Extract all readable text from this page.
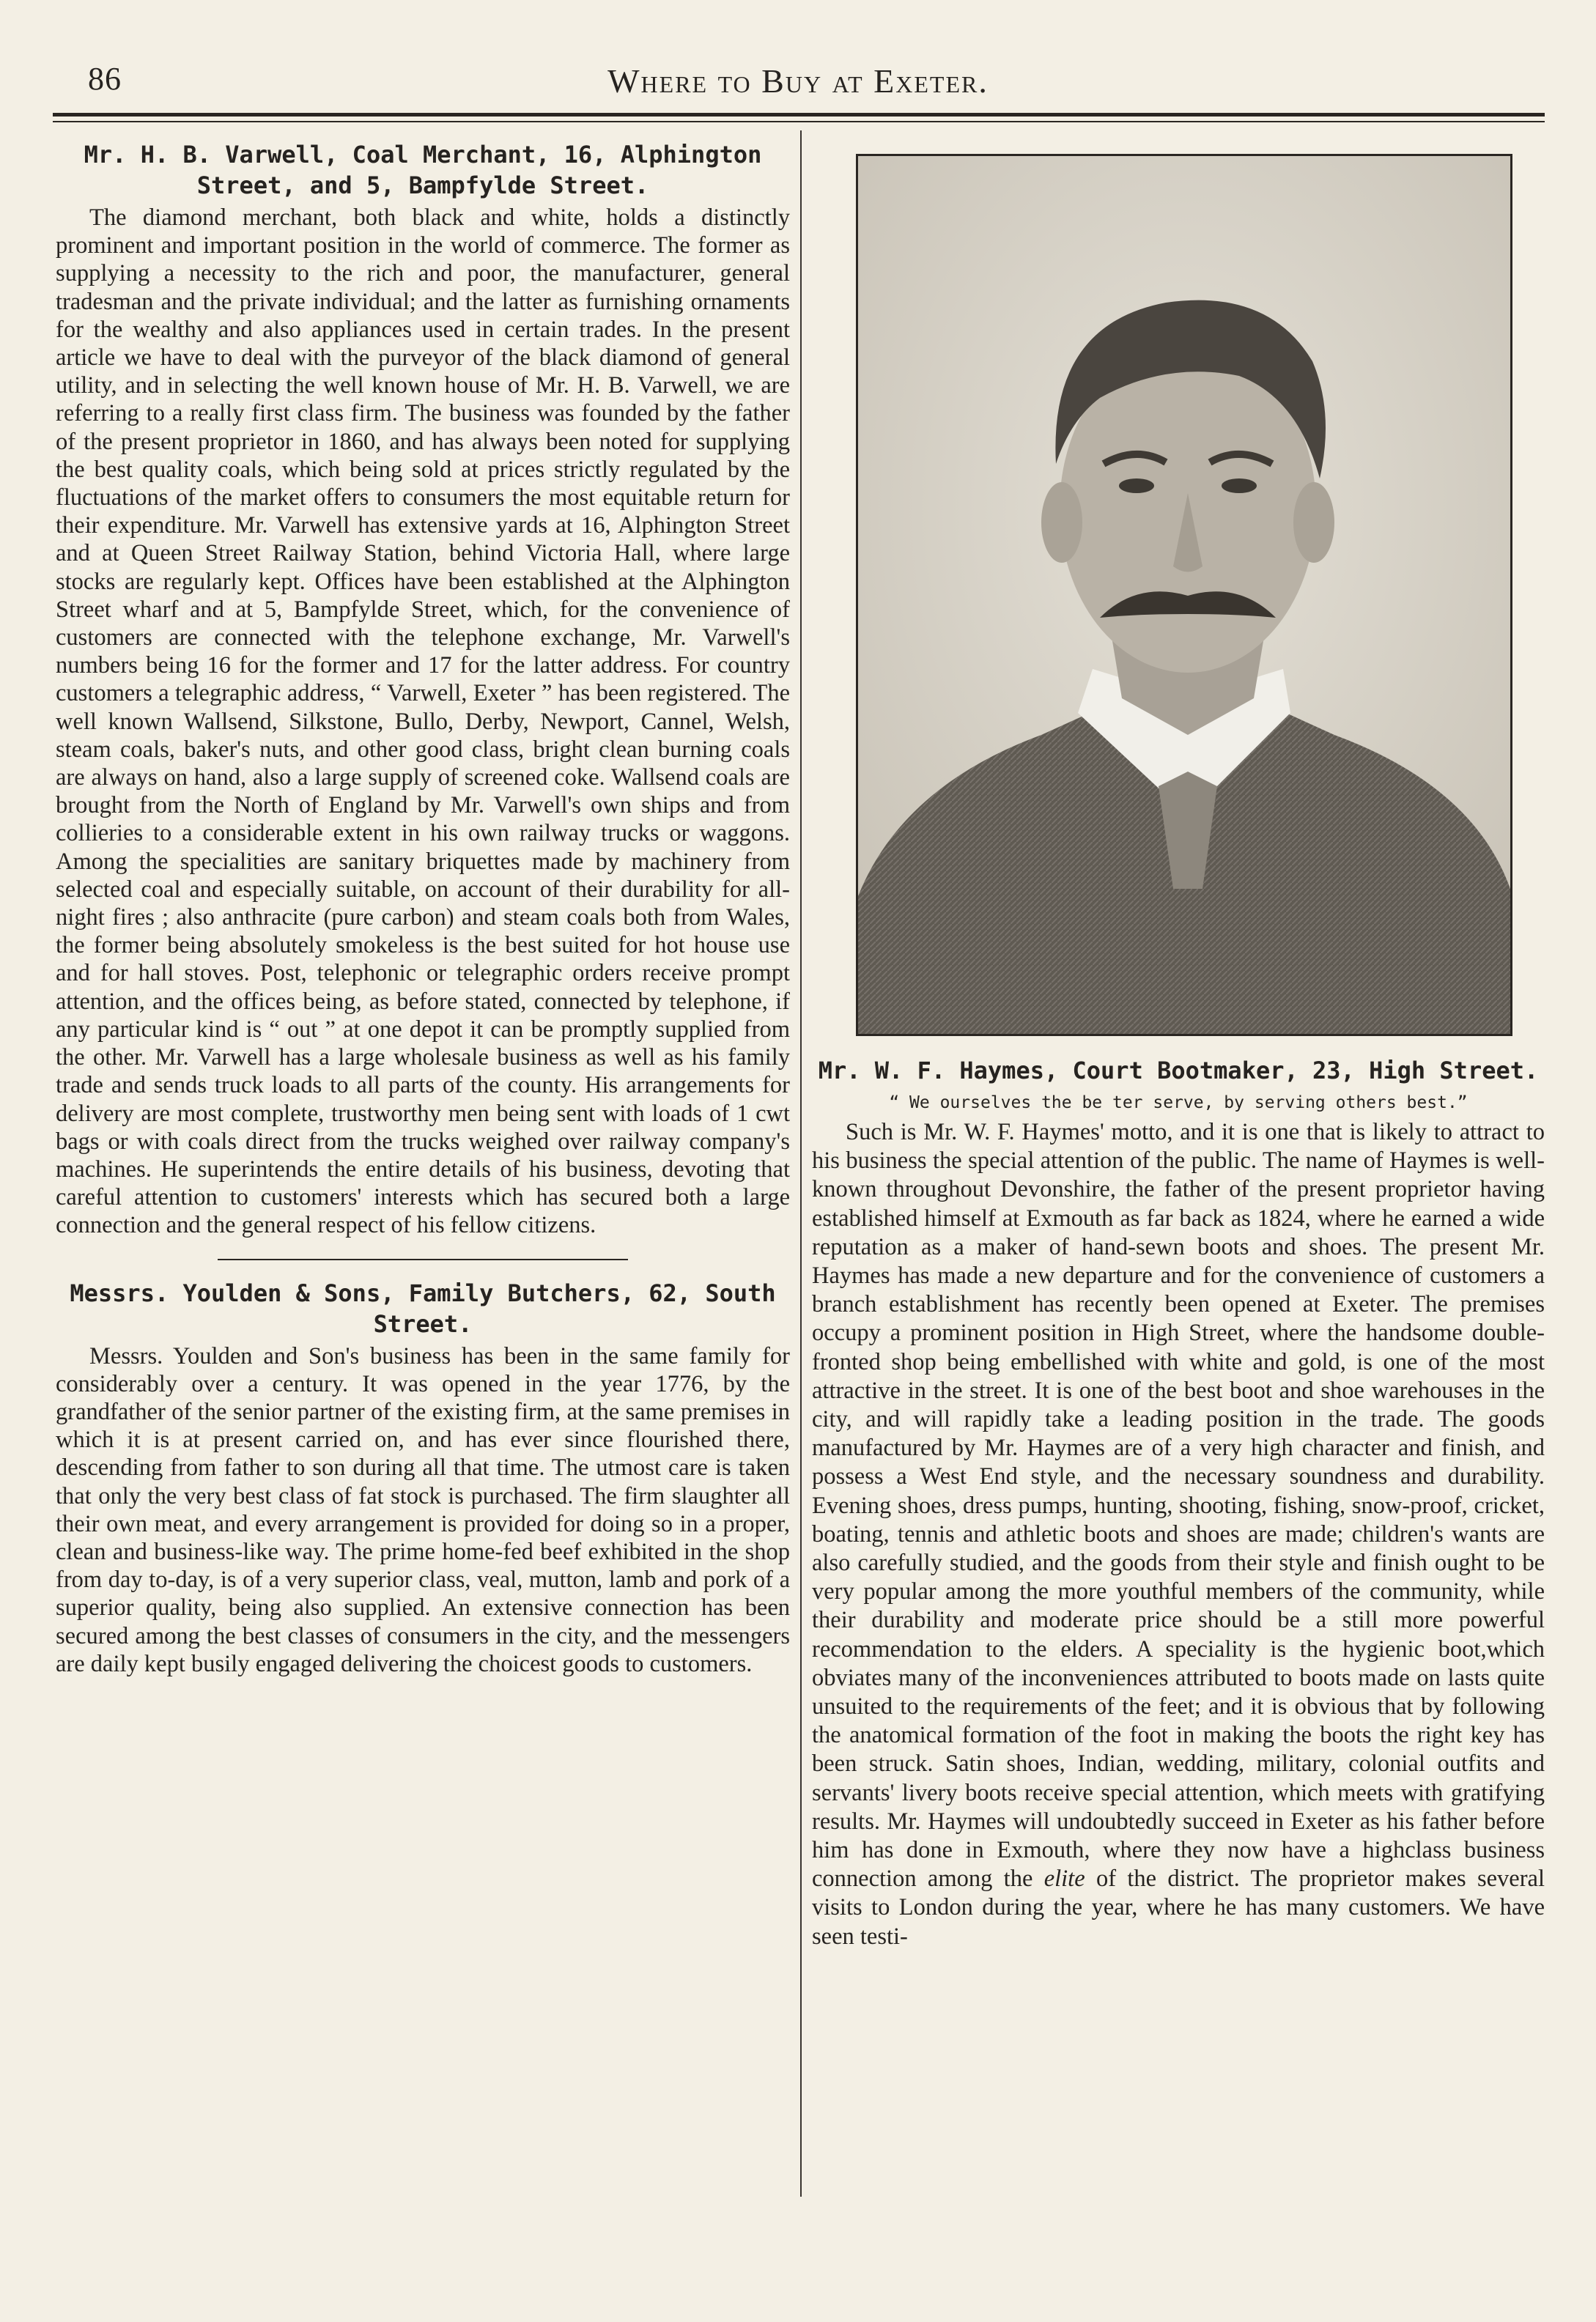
86	Where to Buy at Exeter.
Mr. H. B. Varwell, Coal Merchant, 16, Alphington Street, and 5, Bampfylde Street.

The diamond merchant, both black and white, holds a distinctly prominent and important position in the world of commerce. The former as supplying a necessity to the rich and poor, the manufacturer, general tradesman and the private individual; and the latter as furnishing ornaments for the wealthy and also appliances used in certain trades. In the present article we have to deal with the purveyor of the black diamond of general utility, and in selecting the well known house of Mr. H. B. Varwell, we are referring to a really first class firm. The business was founded by the father of the present proprietor in 1860, and has always been noted for supplying the best quality coals, which being sold at prices strictly regulated by the fluctuations of the market offers to consumers the most equitable return for their expenditure. Mr. Varwell has extensive yards at 16, Alphington Street and at Queen Street Railway Station, behind Victoria Hall, where large stocks are regularly kept. Offices have been established at the Alphington Street wharf and at 5, Bampfylde Street, which, for the convenience of customers are connected with the telephone exchange, Mr. Varwell's numbers being 16 for the former and 17 for the latter address. For country customers a telegraphic address, “ Varwell, Exeter ” has been registered. The well known Wallsend, Silkstone, Bullo, Derby, Newport, Cannel, Welsh, steam coals, baker's nuts, and other good class, bright clean burning coals are always on hand, also a large supply of screened coke. Wallsend coals are brought from the North of England by Mr. Varwell's own ships and from collieries to a considerable extent in his own railway trucks or waggons. Among the specialities are sanitary briquettes made by machinery from selected coal and especially suitable, on account of their durability for all-night fires ; also anthracite (pure carbon) and steam coals both from Wales, the former being absolutely smokeless is the best suited for hot house use and for hall stoves. Post, telephonic or telegraphic orders receive prompt attention, and the offices being, as before stated, connected by telephone, if any particular kind is “ out ” at one depot it can be promptly supplied from the other. Mr. Varwell has a large wholesale business as well as his family trade and sends truck loads to all parts of the county. His arrangements for delivery are most complete, trustworthy men being sent with loads of 1 cwt bags or with coals direct from the trucks weighed over railway company's machines. He superintends the entire details of his business, devoting that careful attention to customers' interests which has secured both a large connection and the general respect of his fellow citizens.

Messrs. Youlden & Sons, Family Butchers, 62, South Street.

Messrs. Youlden and Son's business has been in the same family for considerably over a century. It was opened in the year 1776, by the grandfather of the senior partner of the existing firm, at the same premises in which it is at present carried on, and has ever since flourished there, descending from father to son during all that time. The utmost care is taken that only the very best class of fat stock is purchased. The firm slaughter all their own meat, and every arrangement is provided for doing so in a proper, clean and business-like way. The prime home-fed beef exhibited in the shop from day to-day, is of a very superior class, veal, mutton, lamb and pork of a superior quality, being also supplied. An extensive connection has been secured among the best classes of consumers in the city, and the messengers are daily kept busily engaged delivering the choicest goods to customers.

Mr. W. F. Haymes, Court Bootmaker, 23, High Street.

“ We ourselves the be ter serve, by serving others best.”

Such is Mr. W. F. Haymes' motto, and it is one that is likely to attract to his business the special attention of the public. The name of Haymes is well-known throughout Devonshire, the father of the present proprietor having established himself at Exmouth as far back as 1824, where he earned a wide reputation as a maker of hand-sewn boots and shoes. The present Mr. Haymes has made a new departure and for the convenience of customers a branch establishment has recently been opened at Exeter. The premises occupy a prominent position in High Street, where the handsome double-fronted shop being embellished with white and gold, is one of the most attractive in the street. It is one of the best boot and shoe warehouses in the city, and will rapidly take a leading position in the trade. The goods manufactured by Mr. Haymes are of a very high character and finish, and possess a West End style, and the necessary soundness and durability. Evening shoes, dress pumps, hunting, shooting, fishing, snow-proof, cricket, boating, tennis and athletic boots and shoes are made; children's wants are also carefully studied, and the goods from their style and finish ought to be very popular among the more youthful members of the community, while their durability and moderate price should be a still more powerful recommendation to the elders. A speciality is the hygienic boot,which obviates many of the inconveniences attributed to boots made on lasts quite unsuited to the requirements of the feet; and it is obvious that by following the anatomical formation of the foot in making the boots the right key has been struck. Satin shoes, Indian, wedding, military, colonial outfits and servants' livery boots receive special attention, which meets with gratifying results. Mr. Haymes will undoubtedly succeed in Exeter as his father before him has done in Exmouth, where they now have a highclass business connection among the elite of the district. The proprietor makes several visits to London during the year, where he has many customers. We have seen testi-
